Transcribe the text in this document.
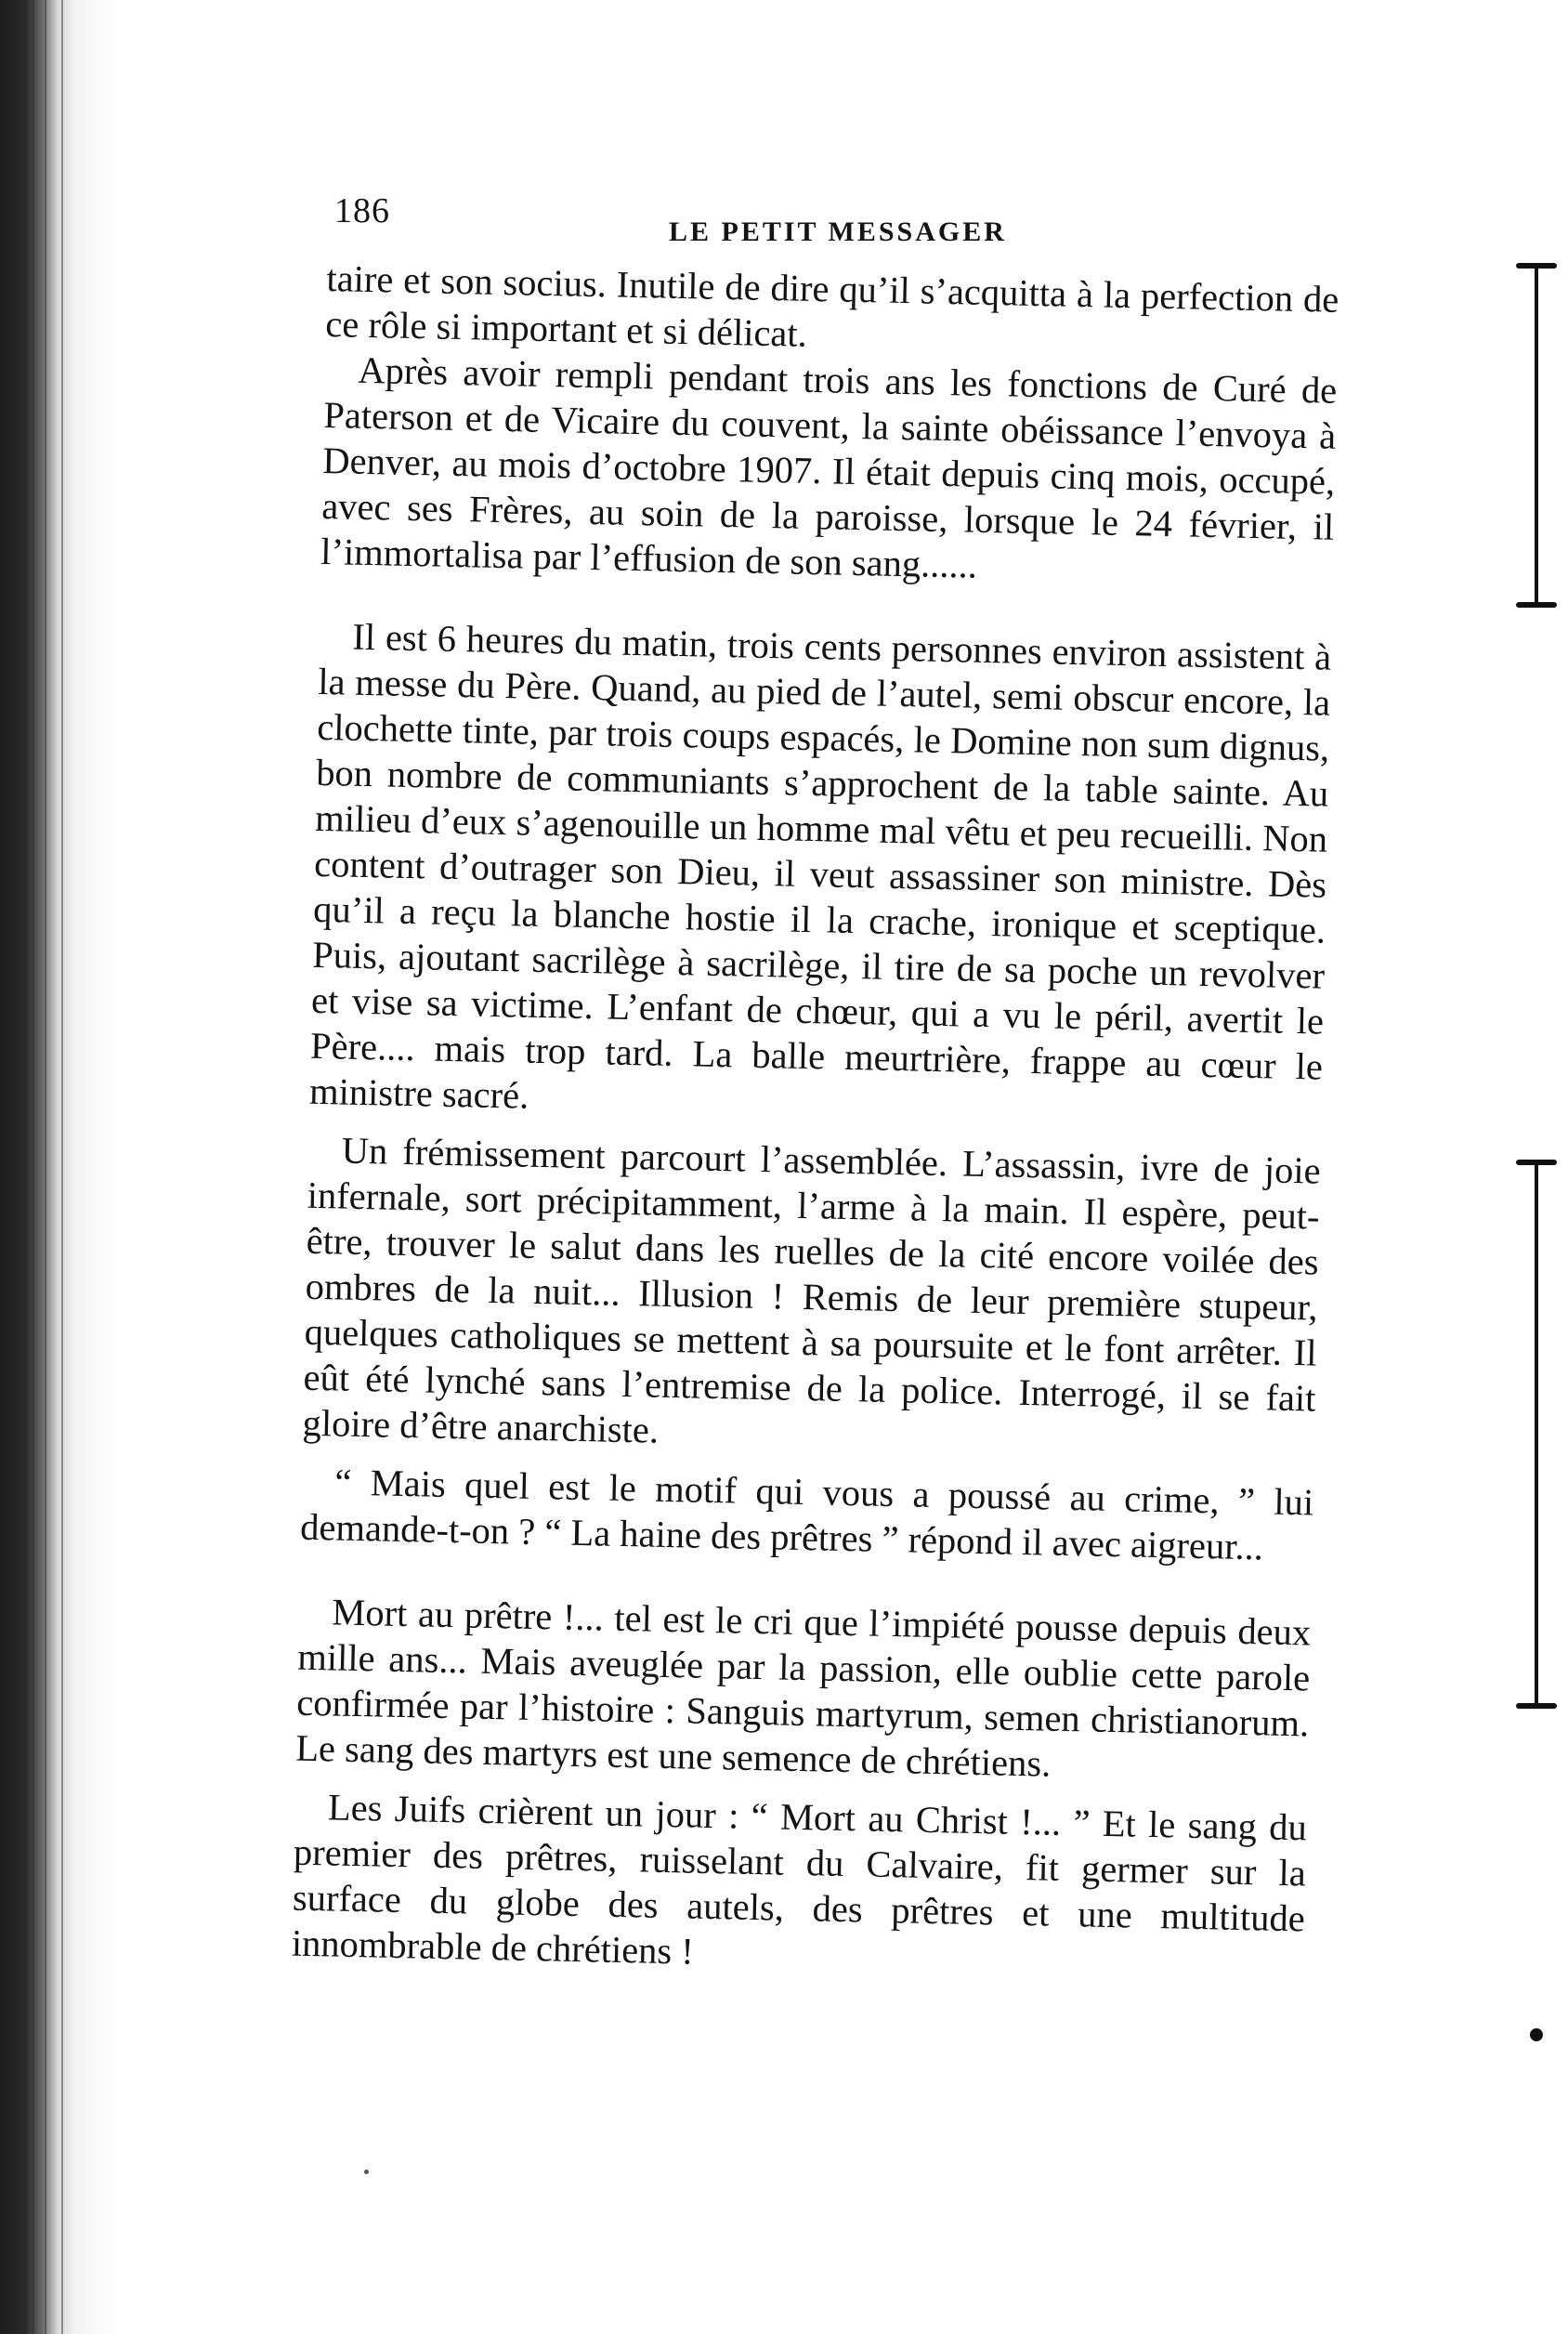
186
LE PETIT MESSAGER

taire et son socius. Inutile de dire qu’il s’acquitta à la perfection de ce rôle si important et si délicat.

Après avoir rempli pendant trois ans les fonctions de Curé de Paterson et de Vicaire du couvent, la sainte obéissance l’envoya à Denver, au mois d’octobre 1907. Il était depuis cinq mois, occupé, avec ses Frères, au soin de la paroisse, lorsque le 24 février, il l’immortalisa par l’effusion de son sang......

Il est 6 heures du matin, trois cents personnes environ assistent à la messe du Père. Quand, au pied de l’autel, semi obscur encore, la clochette tinte, par trois coups espacés, le Domine non sum dignus, bon nombre de communiants s’approchent de la table sainte. Au milieu d’eux s’agenouille un homme mal vêtu et peu recueilli. Non content d’outrager son Dieu, il veut assassiner son ministre. Dès qu’il a reçu la blanche hostie il la crache, ironique et sceptique. Puis, ajoutant sacrilège à sacrilège, il tire de sa poche un revolver et vise sa victime. L’enfant de chœur, qui a vu le péril, avertit le Père.... mais trop tard. La balle meurtrière, frappe au cœur le ministre sacré.

Un frémissement parcourt l’assemblée. L’assassin, ivre de joie infernale, sort précipitamment, l’arme à la main. Il espère, peut-être, trouver le salut dans les ruelles de la cité encore voilée des ombres de la nuit... Illusion ! Remis de leur première stupeur, quelques catholiques se mettent à sa poursuite et le font arrêter. Il eût été lynché sans l’entremise de la police. Interrogé, il se fait gloire d’être anarchiste.

“ Mais quel est le motif qui vous a poussé au crime, ” lui demande-t-on ? “ La haine des prêtres ” répond il avec aigreur...

Mort au prêtre !... tel est le cri que l’impiété pousse depuis deux mille ans... Mais aveuglée par la passion, elle oublie cette parole confirmée par l’histoire : Sanguis martyrum, semen christianorum. Le sang des martyrs est une semence de chrétiens.

Les Juifs crièrent un jour : “ Mort au Christ !... ” Et le sang du premier des prêtres, ruisselant du Calvaire, fit germer sur la surface du globe des autels, des prêtres et une multitude innombrable de chrétiens !
